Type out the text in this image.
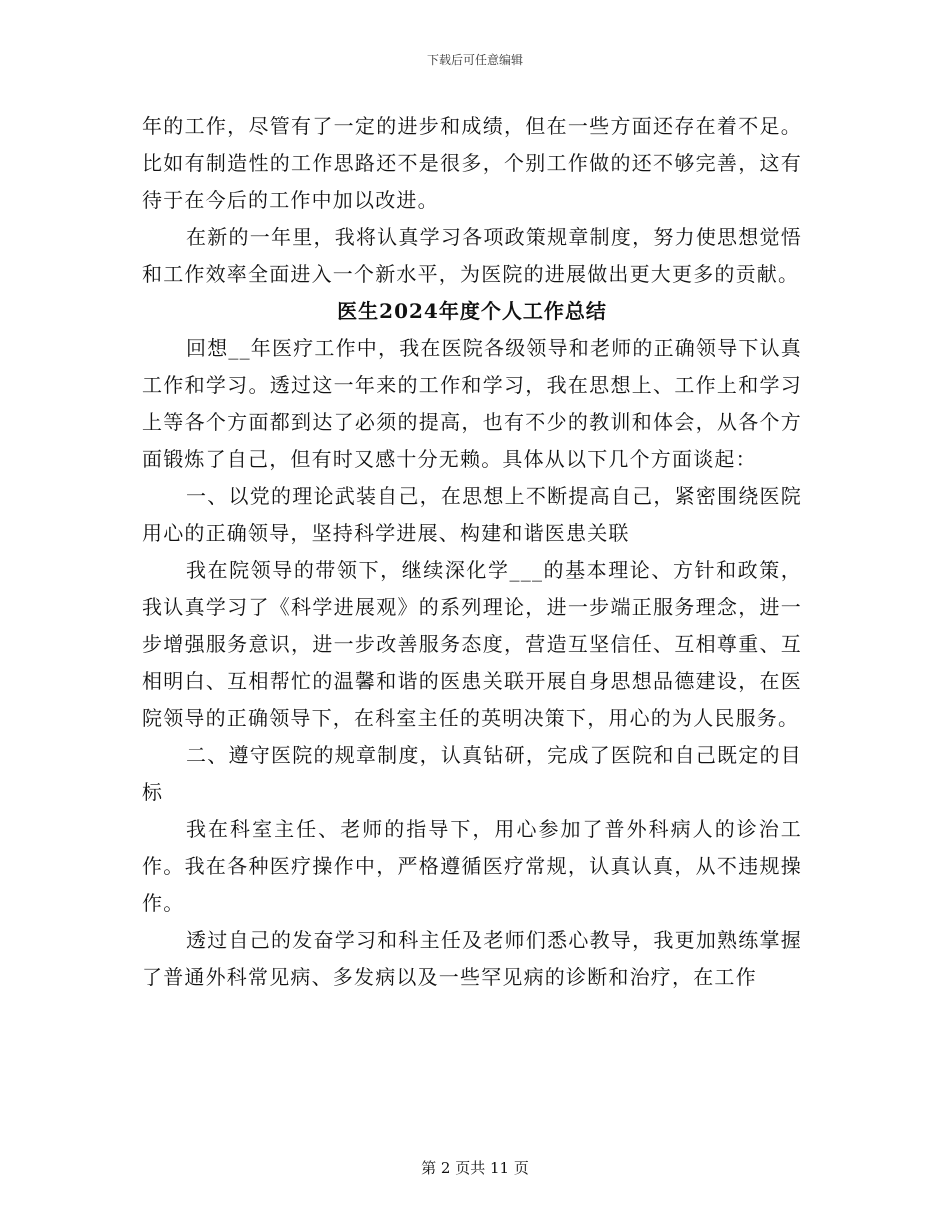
下载后可任意编辑

年的工作，尽管有了一定的进步和成绩，但在一些方面还存在着不足。比如有制造性的工作思路还不是很多，个别工作做的还不够完善，这有待于在今后的工作中加以改进。

在新的一年里，我将认真学习各项政策规章制度，努力使思想觉悟和工作效率全面进入一个新水平，为医院的进展做出更大更多的贡献。

医生2024年度个人工作总结

回想__年医疗工作中，我在医院各级领导和老师的正确领导下认真工作和学习。透过这一年来的工作和学习，我在思想上、工作上和学习上等各个方面都到达了必须的提高，也有不少的教训和体会，从各个方面锻炼了自己，但有时又感十分无赖。具体从以下几个方面谈起：

一、以党的理论武装自己，在思想上不断提高自己，紧密围绕医院用心的正确领导，坚持科学进展、构建和谐医患关联

我在院领导的带领下，继续深化学___的基本理论、方针和政策，我认真学习了《科学进展观》的系列理论，进一步端正服务理念，进一步增强服务意识，进一步改善服务态度，营造互坚信任、互相尊重、互相明白、互相帮忙的温馨和谐的医患关联开展自身思想品德建设，在医院领导的正确领导下，在科室主任的英明决策下，用心的为人民服务。

二、遵守医院的规章制度，认真钻研，完成了医院和自己既定的目标

我在科室主任、老师的指导下，用心参加了普外科病人的诊治工作。我在各种医疗操作中，严格遵循医疗常规，认真认真，从不违规操作。

透过自己的发奋学习和科主任及老师们悉心教导，我更加熟练掌握了普通外科常见病、多发病以及一些罕见病的诊断和治疗，在工作

第 2 页共 11 页
